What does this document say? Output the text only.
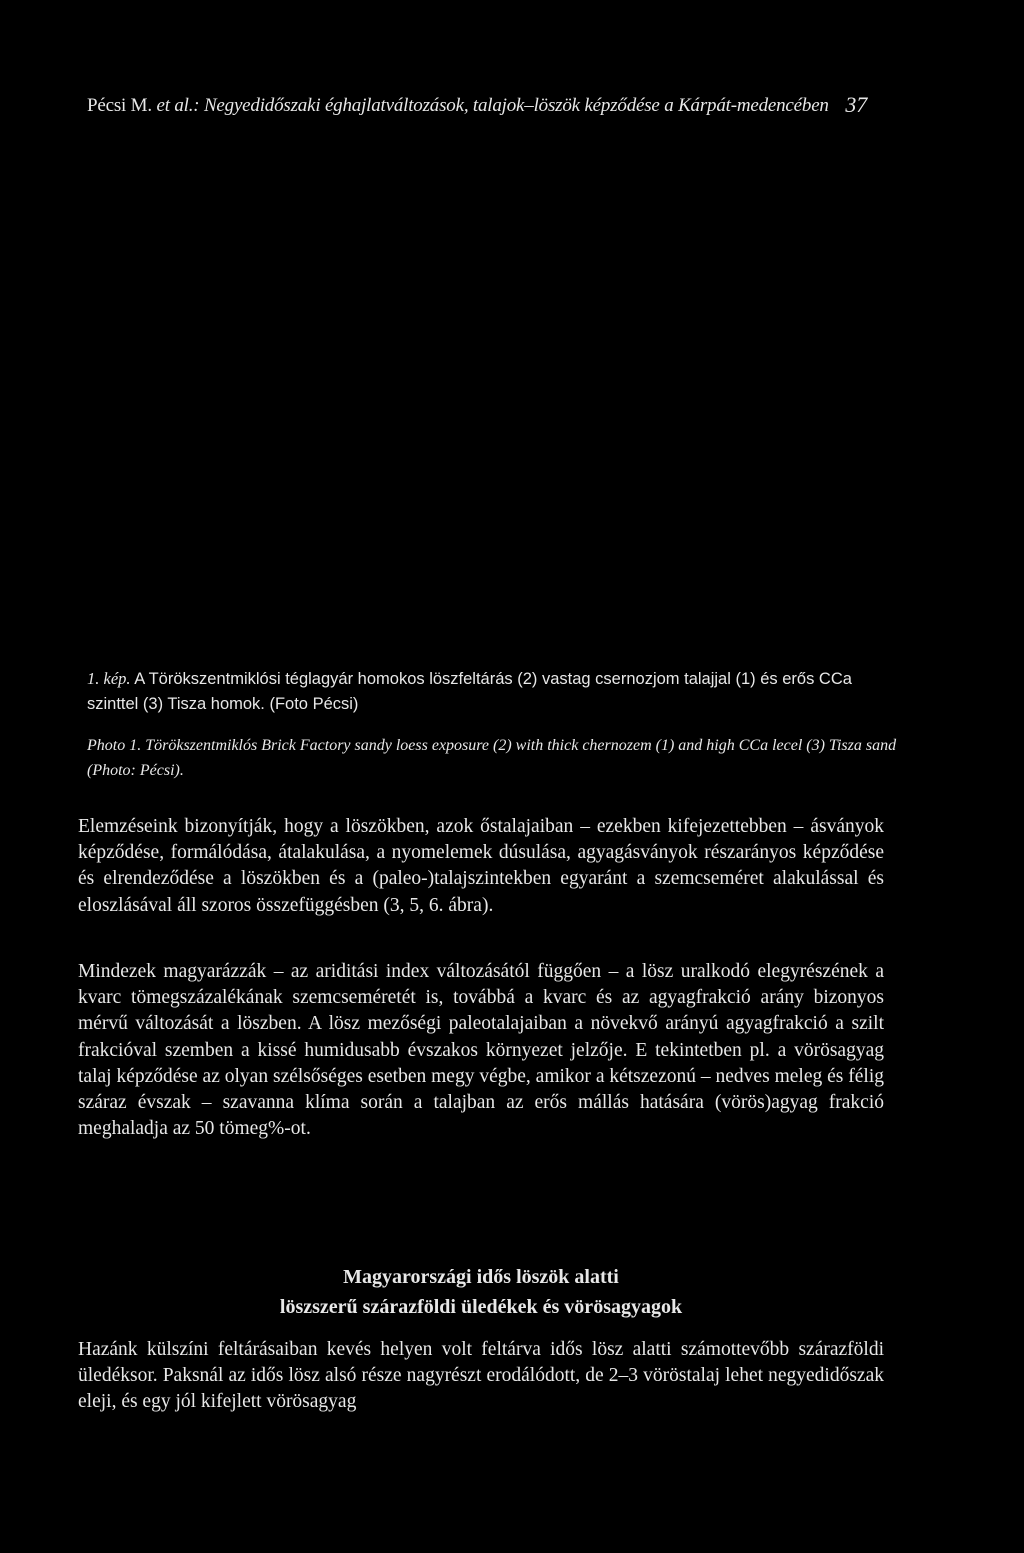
Pécsi M. et al.: Negyedidőszaki éghajlatváltozások, talajok–löszök képződése a Kárpát-medencében 37
1. kép. A Törökszentmiklósi téglagyár homokos löszfeltárás (2) vastag csernozjom talajjal (1) és erős CCa szinttel (3) Tisza homok. (Foto Pécsi)
Photo 1. Törökszentmiklós Brick Factory sandy loess exposure (2) with thick chernozem (1) and high CCa lecel (3) Tisza sand (Photo: Pécsi).

Elemzéseink bizonyítják, hogy a löszökben, azok őstalajaiban – ezekben kifejezettebben – ásványok képződése, formálódása, átalakulása, a nyomelemek dúsulása, agyagásványok részarányos képződése és elrendeződése a löszökben és a (paleo-)talajszintekben egyaránt a szemcseméret alakulással és eloszlásával áll szoros összefüggésben (3, 5, 6. ábra).

Mindezek magyarázzák – az ariditási index változásától függően – a lösz uralkodó elegyrészének a kvarc tömegszázalékának szemcseméretét is, továbbá a kvarc és az agyagfrakció arány bizonyos mérvű változását a löszben. A lösz mezőségi paleotalajaiban a növekvő arányú agyagfrakció a szilt frakcióval szemben a kissé humidusabb évszakos környezet jelzője. E tekintetben pl. a vörösagyag talaj képződése az olyan szélsőséges esetben megy végbe, amikor a kétszezonú – nedves meleg és félig száraz évszak – szavanna klíma során a talajban az erős mállás hatására (vörös)agyag frakció meghaladja az 50 tömeg%-ot.

Magyarországi idős löszök alatti
löszszerű szárazföldi üledékek és vörösagyagok

Hazánk külszíni feltárásaiban kevés helyen volt feltárva idős lösz alatti számottevőbb szárazföldi üledéksor. Paksnál az idős lösz alsó része nagyrészt erodálódott, de 2–3 vöröstalaj lehet negyedidőszak eleji, és egy jól kifejlett vörösagyag
